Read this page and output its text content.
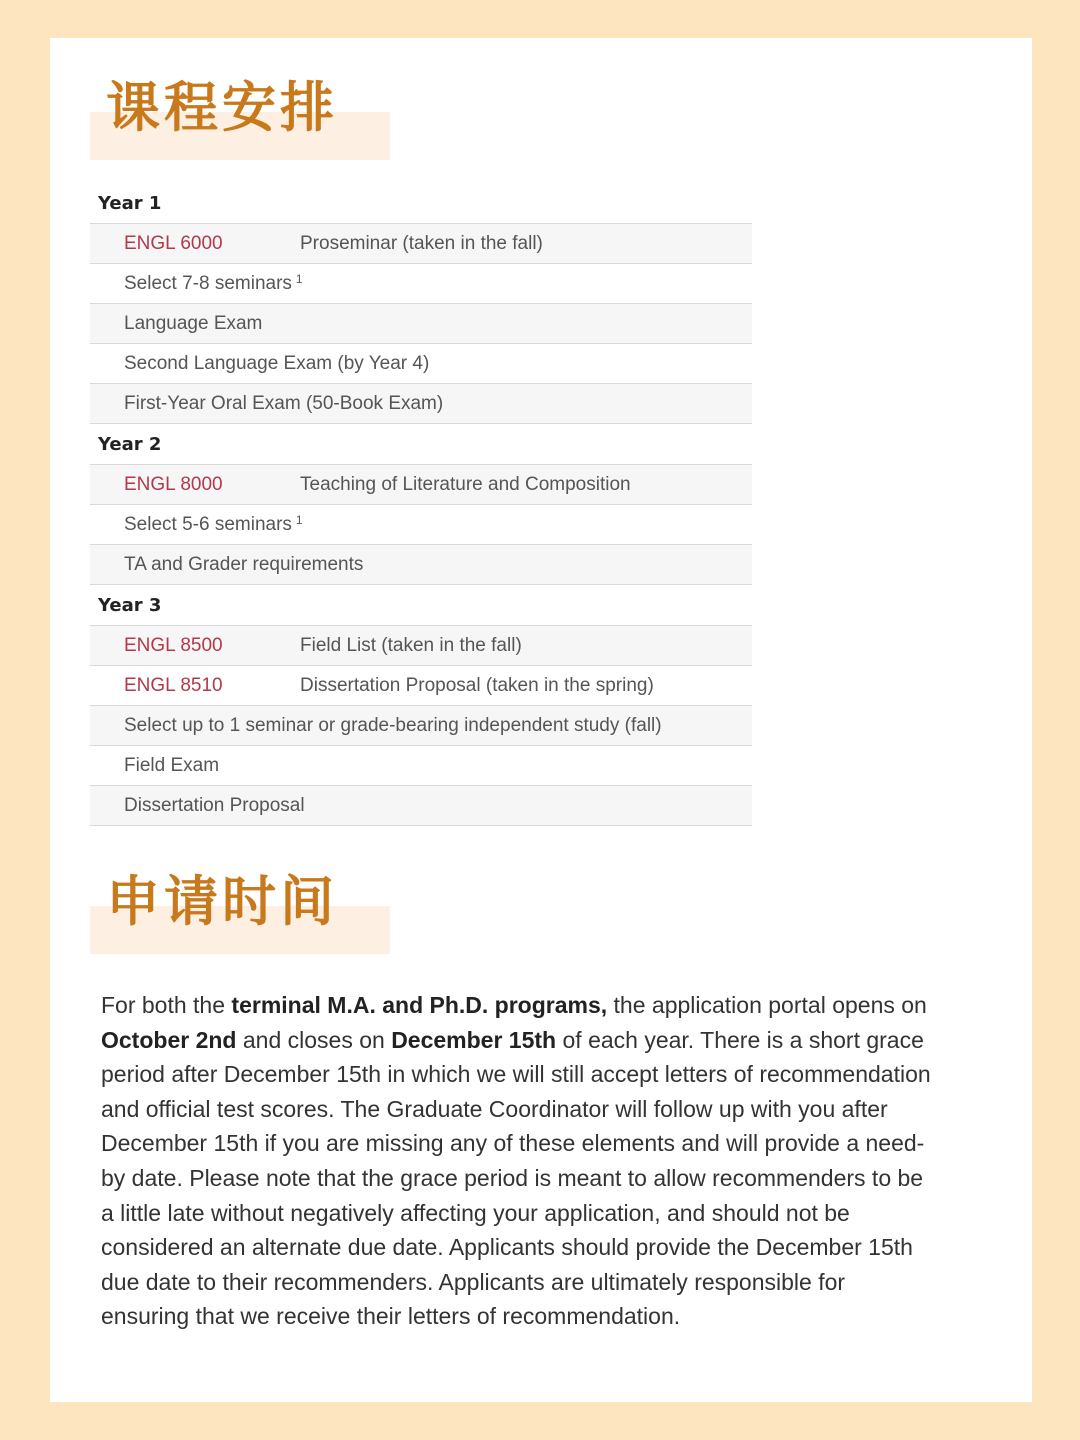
课程安排
Year 1
ENGL 6000	Proseminar (taken in the fall)
Select 7-8 seminars $^1$
Language Exam
Second Language Exam (by Year 4)
First-Year Oral Exam (50-Book Exam)
Year 2
ENGL 8000	Teaching of Literature and Composition
Select 5-6 seminars $^1$
TA and Grader requirements
Year 3
ENGL 8500	Field List (taken in the fall)
ENGL 8510	Dissertation Proposal (taken in the spring)
Select up to 1 seminar or grade-bearing independent study (fall)
Field Exam
Dissertation Proposal
申请时间
For both the terminal M.A. and Ph.D. programs, the application portal opens on October 2nd and closes on December 15th of each year. There is a short grace period after December 15th in which we will still accept letters of recommendation and official test scores. The Graduate Coordinator will follow up with you after December 15th if you are missing any of these elements and will provide a need-by date. Please note that the grace period is meant to allow recommenders to be a little late without negatively affecting your application, and should not be considered an alternate due date. Applicants should provide the December 15th due date to their recommenders. Applicants are ultimately responsible for ensuring that we receive their letters of recommendation.
